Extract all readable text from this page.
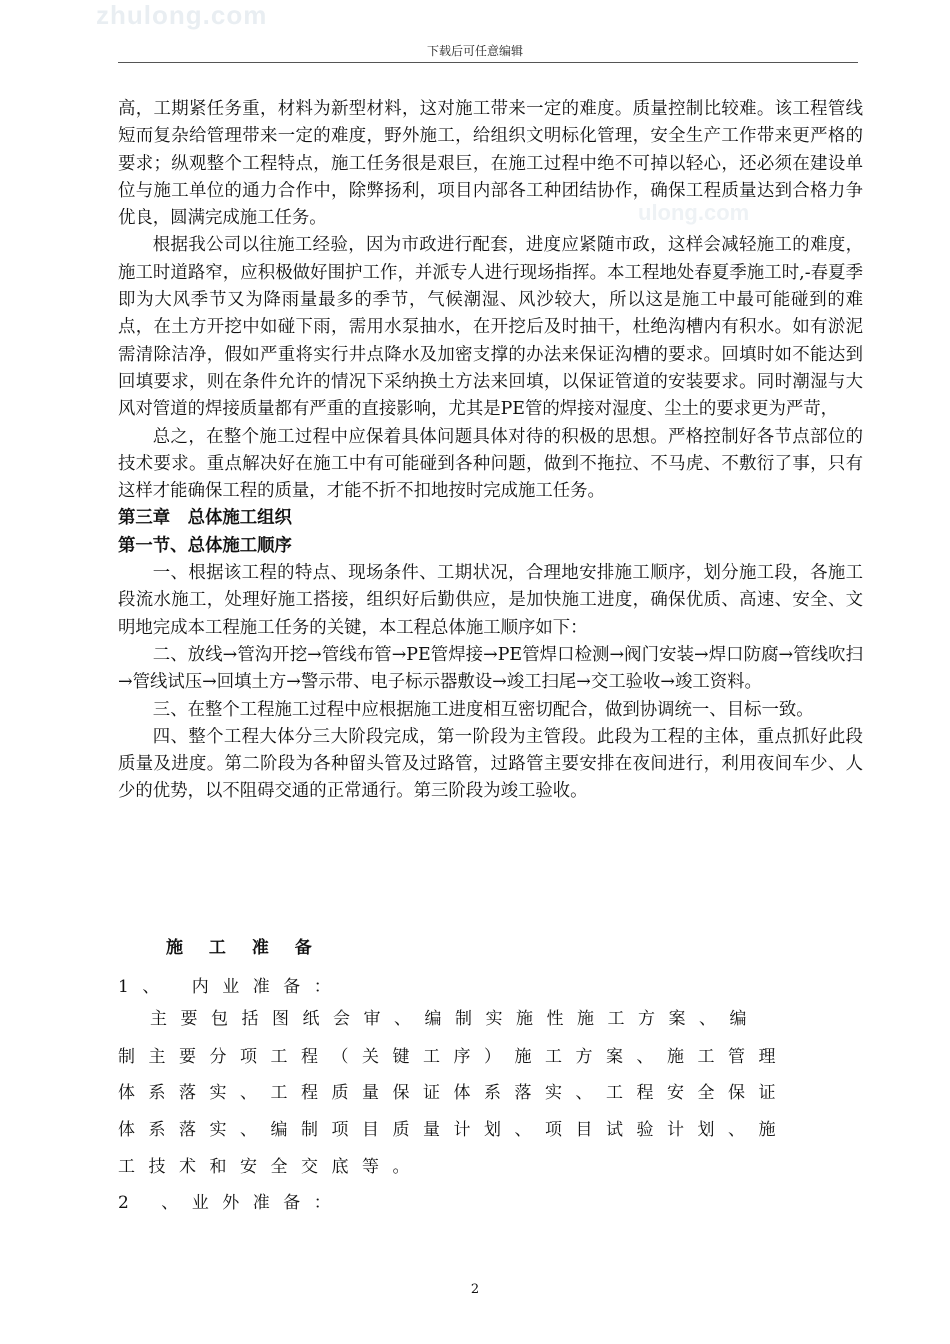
zhulong.com
ulong.com
下载后可任意编辑

高，工期紧任务重，材料为新型材料，这对施工带来一定的难度。质量控制比较难。该工程管线短而复杂给管理带来一定的难度，野外施工，给组织文明标化管理，安全生产工作带来更严格的要求；纵观整个工程特点，施工任务很是艰巨，在施工过程中绝不可掉以轻心，还必须在建设单位与施工单位的通力合作中，除弊扬利，项目内部各工种团结协作，确保工程质量达到合格力争优良，圆满完成施工任务。

根据我公司以往施工经验，因为市政进行配套，进度应紧随市政，这样会减轻施工的难度，施工时道路窄，应积极做好围护工作，并派专人进行现场指挥。本工程地处春夏季施工时,-春夏季即为大风季节又为降雨量最多的季节，气候潮湿、风沙较大，所以这是施工中最可能碰到的难点，在土方开挖中如碰下雨，需用水泵抽水，在开挖后及时抽干，杜绝沟槽内有积水。如有淤泥需清除洁净，假如严重将实行井点降水及加密支撑的办法来保证沟槽的要求。回填时如不能达到回填要求，则在条件允许的情况下采纳换土方法来回填，以保证管道的安装要求。同时潮湿与大风对管道的焊接质量都有严重的直接影响，尤其是PE管的焊接对湿度、尘土的要求更为严苛，

总之，在整个施工过程中应保着具体问题具体对待的积极的思想。严格控制好各节点部位的技术要求。重点解决好在施工中有可能碰到各种问题，做到不拖拉、不马虎、不敷衍了事，只有这样才能确保工程的质量，才能不折不扣地按时完成施工任务。

第三章　总体施工组织

第一节、总体施工顺序

一、根据该工程的特点、现场条件、工期状况，合理地安排施工顺序，划分施工段，各施工段流水施工，处理好施工搭接，组织好后勤供应，是加快施工进度，确保优质、高速、安全、文明地完成本工程施工任务的关键，本工程总体施工顺序如下：

二、放线→管沟开挖→管线布管→PE管焊接→PE管焊口检测→阀门安装→焊口防腐→管线吹扫→管线试压→回填土方→警示带、电子标示器敷设→竣工扫尾→交工验收→竣工资料。

三、在整个工程施工过程中应根据施工进度相互密切配合，做到协调统一、目标一致。

四、整个工程大体分三大阶段完成，第一阶段为主管段。此段为工程的主体，重点抓好此段质量及进度。第二阶段为各种留头管及过路管，过路管主要安排在夜间进行，利用夜间车少、人少的优势，以不阻碍交通的正常通行。第三阶段为竣工验收。

施 工 准 备
1、 内业准备：
主要包括图纸会审、编制实施性施工方案、编
制主要分项工程（关键工序）施工方案、施工管理
体系落实、工程质量保证体系落实、工程安全保证
体系落实、编制项目质量计划、项目试验计划、施
工技术和安全交底等。
2 、业外准备：
2
